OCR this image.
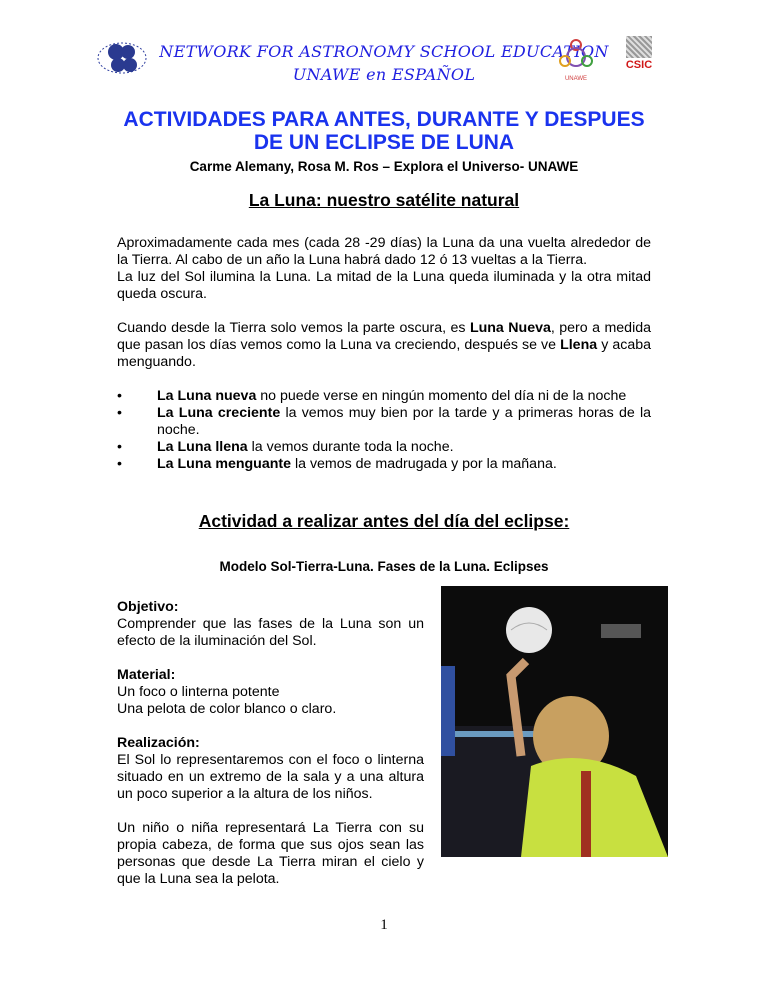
NETWORK FOR ASTRONOMY SCHOOL EDUCATION
UNAWE en ESPAÑOL	UNAWE
CSIC
ACTIVIDADES PARA ANTES, DURANTE Y DESPUES
DE UN ECLIPSE DE LUNA
Carme Alemany, Rosa M. Ros – Explora el Universo- UNAWE
La Luna: nuestro satélite natural

Aproximadamente cada mes (cada 28 -29 días) la Luna da una vuelta alrededor de la Tierra. Al cabo de un año la Luna habrá dado 12 ó 13 vueltas a la Tierra.

La luz del Sol ilumina la Luna. La mitad de la Luna queda iluminada y la otra mitad queda oscura.

Cuando desde la Tierra solo vemos la parte oscura, es Luna Nueva, pero a medida que pasan los días vemos como la Luna va creciendo, después se ve Llena y acaba menguando.

• La Luna nueva no puede verse en ningún momento del día ni de la noche
• La Luna creciente la vemos muy bien por la tarde y a primeras horas de la noche.
• La Luna llena la vemos durante toda la noche.
• La Luna menguante la vemos de madrugada y por la mañana.
Actividad a realizar antes del día del eclipse:
Modelo Sol-Tierra-Luna. Fases de la Luna. Eclipses

Objetivo:

Comprender que las fases de la Luna son un efecto de la iluminación del Sol.

Material:

Un foco o linterna potente

Una pelota de color blanco o claro.

Realización:

El Sol lo representaremos con el foco o linterna situado en un extremo de la sala y a una altura un poco superior a la altura de los niños.

Un niño o niña representará La Tierra con su propia cabeza, de forma que sus ojos sean las personas que desde La Tierra miran el cielo y que la Luna sea la pelota.

1
